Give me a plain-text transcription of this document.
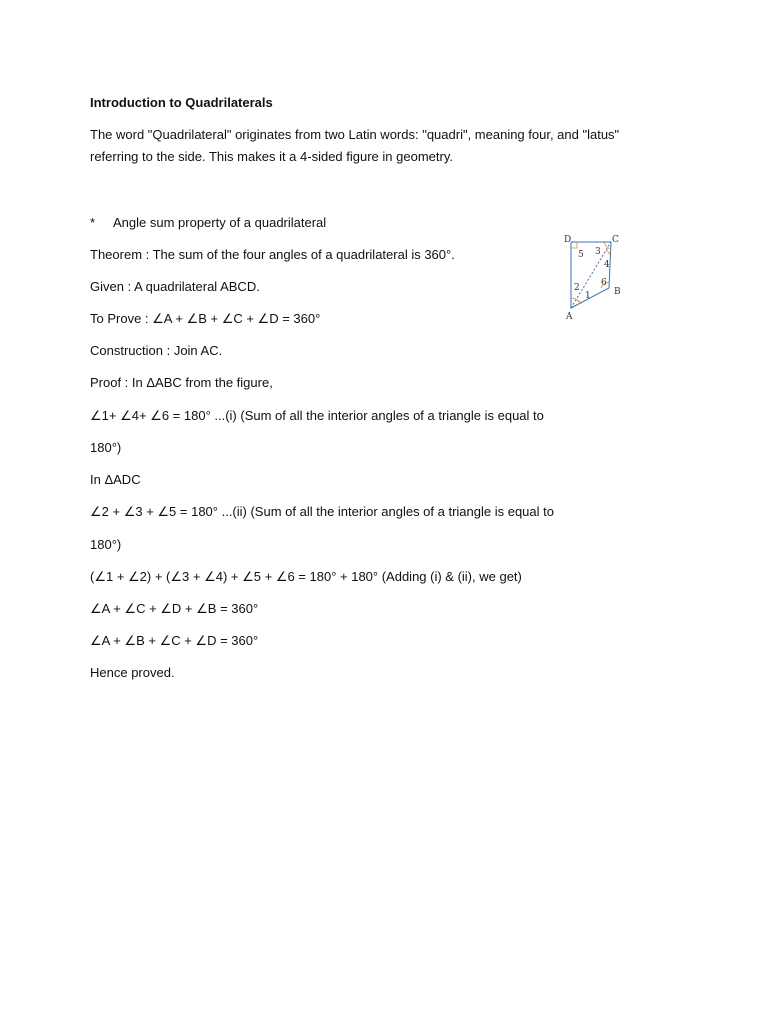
Introduction to Quadrilaterals
The word "Quadrilateral" originates from two Latin words: "quadri", meaning four, and "latus"
referring to the side. This makes it a 4-sided figure in geometry.
* Angle sum property of a quadrilateral
Theorem : The sum of the four angles of a quadrilateral is 360°.
Given : A quadrilateral ABCD.
To Prove : ∠A + ∠B + ∠C + ∠D = 360°
Construction : Join AC.
Proof : In ΔABC from the figure,
∠1+ ∠4+ ∠6 = 180° ...(i) (Sum of all the interior angles of a triangle is equal to
180°)
In ΔADC
∠2 + ∠3 + ∠5 = 180° ...(ii) (Sum of all the interior angles of a triangle is equal to
180°)
(∠1 + ∠2) + (∠3 + ∠4) + ∠5 + ∠6 = 180° + 180° (Adding (i) & (ii), we get)
∠A + ∠C + ∠D + ∠B = 360°
∠A + ∠B + ∠C + ∠D = 360°
Hence proved.
D	C
B
A
5 3
4
6
2
1
